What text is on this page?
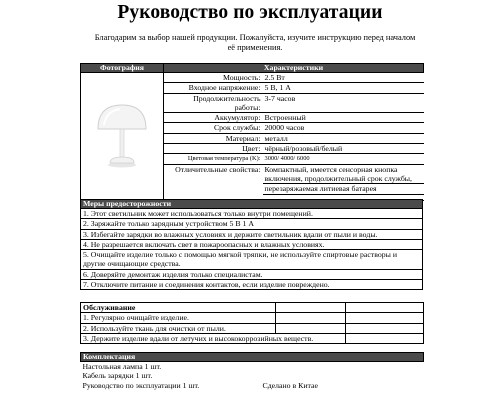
Руководство по эксплуатации
Благодарим за выбор нашей продукции. Пожалуйста, изучите инструкцию перед началом её применения.
Фотография	Характеристики	
	Мощность:	2.5 Вт
	Входное напряжение:	5 В, 1 А
	Продолжительность работы:	3-7 часов
	Аккумулятор:	Встроенный
	Срок службы:	20000 часов
	Материал:	металл
	Цвет:	чёрный/розовый/белый
	Цветовая температура (K):	3000/ 4000/ 6000
	Отличительные свойства:	Компактный, имеется сенсорная кнопка включения, продолжительный срок службы,
		перезаряжаемая литиевая батарея

Меры предосторожности
1. Этот светильник может использоваться только внутри помещений.
2. Заряжайте только зарядным устройством 5 В 1 А
3. Избегайте зарядки во влажных условиях и держите светильник вдали от пыли и воды.
4. Не разрешается включать свет в пожароопасных и влажных условиях.
5. Очищайте изделие только с помощью мягкой тряпки, не используйте спиртовые растворы и другие очищающие средства.
6. Доверяйте демонтаж изделия только специалистам.
7. Отключите питание и соединения контактов, если изделие повреждено.

Обслуживание		
1. Регулярно очищайте изделие.		
2. Используйте ткань для очистки от пыли.		
3. Держите изделие вдали от летучих и высококоррозийных веществ.		
Комплектация
Настольная лампа 1 шт.
Кабель зарядки 1 шт.
Руководство по эксплуатации 1 шт.	Сделано в Китае
